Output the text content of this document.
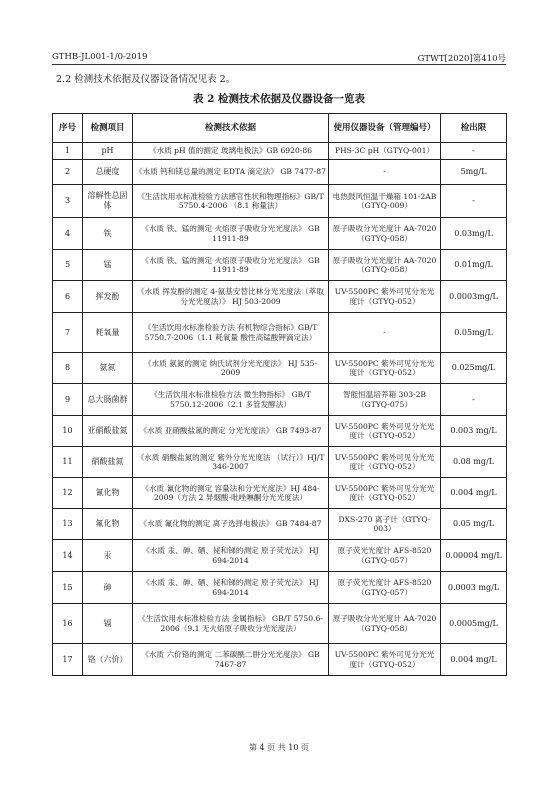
GTHB-JL001-1/0-2019	GTWT[2020]第410号
2.2 检测技术依据及仪器设备情况见表 2。
表 2 检测技术依据及仪器设备一览表
序号	检测项目	检测技术依据	使用仪器设备（管理编号）	检出限
1	pH	《水质 pH 值的测定 玻璃电极法》GB 6920-86	PHS-3C pH（GTYQ-001）	-
2	总硬度	《水质 钙和镁总量的测定 EDTA 滴定法》 GB 7477-87	-	5mg/L
3	溶解性总固体	《生活饮用水标准检验方法感官性状和物理指标》GB/T 5750.4-2006 （8.1 称量法）	电热鼓风恒温干燥箱 101-2AB（GTYQ-009）	-
4	铁	《水质 铁、锰的测定 火焰原子吸收分光光度法》 GB 11911-89	原子吸收分光光度计 AA-7020（GTYQ-058）	0.03mg/L
5	锰	《水质 铁、锰的测定 火焰原子吸收分光光度法》 GB 11911-89	原子吸收分光光度计 AA-7020（GTYQ-058）	0.01mg/L
6	挥发酚	《水质 挥发酚的测定 4-氨基安替比林分光光度法（萃取分光光度法）》 HJ 503-2009	UV-5500PC 紫外可见分光光度计（GTYQ-052）	0.0003mg/L
7	耗氧量	《生活饮用水标准检验方法 有机物综合指标》GB/T 5750.7-2006（1.1 耗氧量 酸性高锰酸钾滴定法）	-	0.05mg/L
8	氨氮	《水质 氨氮的测定 纳氏试剂分光光度法》 HJ 535-2009	UV-5500PC 紫外可见分光光度计（GTYQ-052）	0.025mg/L
9	总大肠菌群	《生活饮用水标准检验方法 微生物指标》 GB/T 5750.12-2006（2.1 多管发酵法）	智能恒温培养箱 303-2B（GTYQ-075）	-
10	亚硝酸盐氮	《水质 亚硝酸盐氮的测定 分光光度法》 GB 7493-87	UV-5500PC 紫外可见分光光度计（GTYQ-052）	0.003 mg/L
11	硝酸盐氮	《水质 硝酸盐氮的测定 紫外分光光度法 （试行）》HJ/T 346-2007	UV-5500PC 紫外可见分光光度计（GTYQ-052）	0.08 mg/L
12	氰化物	《水质 氰化物的测定 容量法和分光光度法》HJ 484-2009（方法 2 异烟酸-吡唑啉酮分光光度法）	UV-5500PC 紫外可见分光光度计（GTYQ-052）	0.004 mg/L
13	氟化物	《水质 氟化物的测定 离子选择电极法》 GB 7484-87	DXS-270 离子计（GTYQ-003）	0.05 mg/L
14	汞	《水质 汞、砷、硒、铋和锑的测定 原子荧光法》 HJ 694-2014	原子荧光光度计 AFS-8520（GTYQ-057）	0.00004 mg/L
15	砷	《水质 汞、砷、硒、铋和锑的测定 原子荧光法》 HJ 694-2014	原子荧光光度计 AFS-8520（GTYQ-057）	0.0003 mg/L
16	镉	《生活饮用水标准检验方法 金属指标》 GB/T 5750.6-2006（9.1 无火焰原子吸收分光光度法）	原子吸收分光光度计 AA-7020（GTYQ-058）	0.0005mg/L
17	铬（六价）	《水质 六价铬的测定 二苯碳酰二肼分光光度法》 GB 7467-87	UV-5500PC 紫外可见分光光度计（GTYQ-052）	0.004 mg/L
第 4 页 共 10 页
